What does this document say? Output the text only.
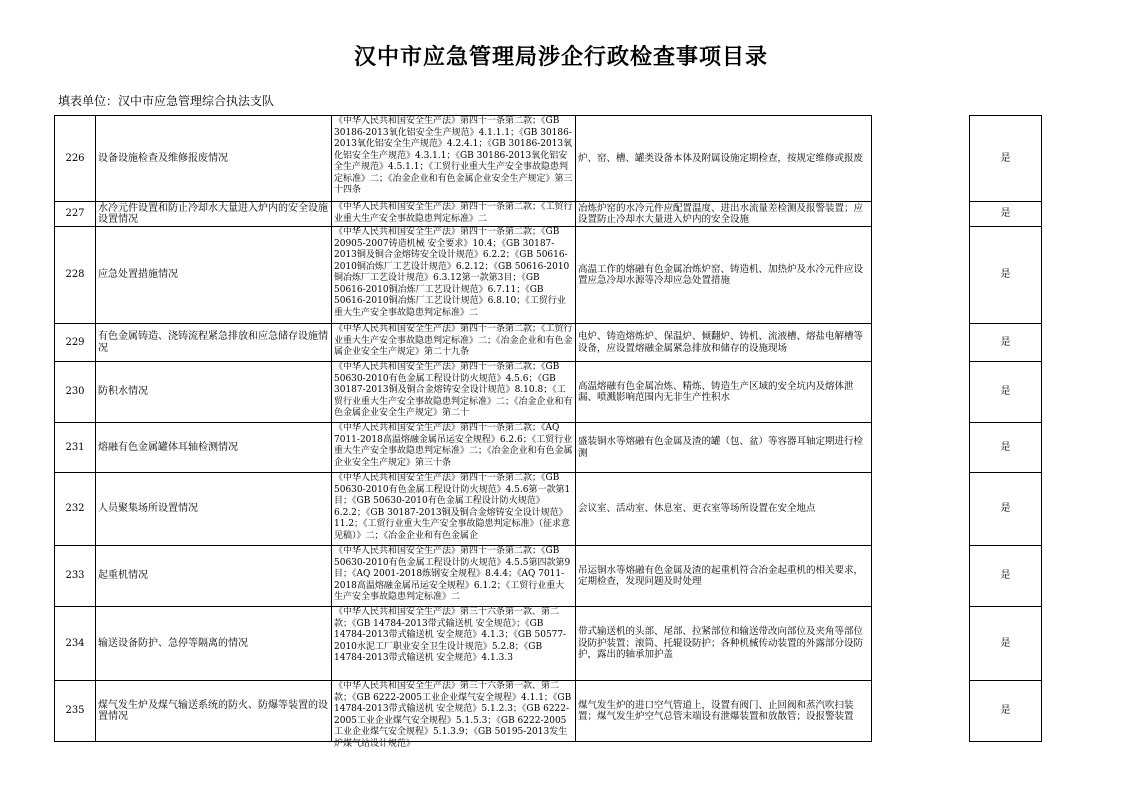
汉中市应急管理局涉企行政检查事项目录
填表单位：汉中市应急管理综合执法支队
226	设备设施检查及维修报废情况	《中华人民共和国安全生产法》第四十一条第二款；《GB 30186-2013氧化铝安全生产规范》4.1.1.1；《GB 30186-2013氧化铝安全生产规范》4.2.4.1；《GB 30186-2013氧化铝安全生产规范》4.3.1.1；《GB 30186-2013氧化铝安全生产规范》4.5.1.1；《工贸行业重大生产安全事故隐患判定标准》二；《冶金企业和有色金属企业安全生产规定》第三十四条	炉、窑、槽、罐类设备本体及附属设施定期检查，按规定维修或报废		是
227	水冷元件设置和防止冷却水大量进入炉内的安全设施设置情况	《中华人民共和国安全生产法》第四十一条第二款；《工贸行业重大生产安全事故隐患判定标准》二	冶炼炉窑的水冷元件应配置温度、进出水流量差检测及报警装置；应设置防止冷却水大量进入炉内的安全设施		是
228	应急处置措施情况	《中华人民共和国安全生产法》第四十一条第二款；《GB 20905-2007铸造机械 安全要求》10.4；《GB 30187-2013铜及铜合金熔铸安全设计规范》6.2.2；《GB 50616-2010铜冶炼厂工艺设计规范》6.2.12；《GB 50616-2010铜冶炼厂工艺设计规范》6.3.12第一款第3目；《GB 50616-2010铜冶炼厂工艺设计规范》6.7.11；《GB 50616-2010铜冶炼厂工艺设计规范》6.8.10；《工贸行业重大生产安全事故隐患判定标准》二	高温工作的熔融有色金属冶炼炉窑、铸造机、加热炉及水冷元件应设置应急冷却水源等冷却应急处置措施		是
229	有色金属铸造、浇铸流程紧急排放和应急储存设施情况	《中华人民共和国安全生产法》第四十一条第二款；《工贸行业重大生产安全事故隐患判定标准》二；《冶金企业和有色金属企业安全生产规定》第二十九条	电炉、铸造熔炼炉、保温炉、倾翻炉、铸机、流液槽、熔盐电解槽等设备，应设置熔融金属紧急排放和储存的设施现场		是
230	防积水情况	《中华人民共和国安全生产法》第四十一条第二款；《GB 50630-2010有色金属工程设计防火规范》4.5.6；《GB 30187-2013铜及铜合金熔铸安全设计规范》8.10.8；《工贸行业重大生产安全事故隐患判定标准》二；《冶金企业和有色金属企业安全生产规定》第二十	高温熔融有色金属冶炼、精炼、铸造生产区域的安全坑内及熔体泄漏、喷溅影响范围内无非生产性积水		是
231	熔融有色金属罐体耳轴检测情况	《中华人民共和国安全生产法》第四十一条第二款；《AQ 7011-2018高温熔融金属吊运安全规程》6.2.6；《工贸行业重大生产安全事故隐患判定标准》二；《冶金企业和有色金属企业安全生产规定》第三十条	盛装铜水等熔融有色金属及渣的罐（包、盆）等容器耳轴定期进行检测		是
232	人员聚集场所设置情况	《中华人民共和国安全生产法》第四十一条第二款；《GB 50630-2010有色金属工程设计防火规范》4.5.6第一款第1目；《GB 50630-2010有色金属工程设计防火规范》6.2.2；《GB 30187-2013铜及铜合金熔铸安全设计规范》11.2；《工贸行业重大生产安全事故隐患判定标准》（征求意见稿）》二；《冶金企业和有色金属企	会议室、活动室、休息室、更衣室等场所设置在安全地点		是
233	起重机情况	《中华人民共和国安全生产法》第四十一条第二款；《GB 50630-2010有色金属工程设计防火规范》4.5.5第四款第9目；《AQ 2001-2018炼钢安全规程》8.4.4；《AQ 7011-2018高温熔融金属吊运安全规程》6.1.2；《工贸行业重大生产安全事故隐患判定标准》二	吊运铜水等熔融有色金属及渣的起重机符合冶金起重机的相关要求，定期检查，发现问题及时处理		是
234	输送设备防护、急停等隔离的情况	《中华人民共和国安全生产法》第三十六条第一款、第二款；《GB 14784-2013带式输送机 安全规范》；《GB 14784-2013带式输送机 安全规范》4.1.3；《GB 50577-2010水泥工厂职业安全卫生设计规范》5.2.8；《GB 14784-2013带式输送机 安全规范》4.1.3.3	带式输送机的头部、尾部、拉紧部位和输送带改向部位及夹角等部位设防护装置；滚筒、托辊设防护；各种机械传动装置的外露部分设防护，露出的轴承加护盖		是
235	煤气发生炉及煤气输送系统的防火、防爆等装置的设置情况	《中华人民共和国安全生产法》第三十六条第一款、第二款；《GB 6222-2005工业企业煤气安全规程》4.1.1；《GB 14784-2013带式输送机 安全规范》5.1.2.3；《GB 6222-2005工业企业煤气安全规程》5.1.5.3；《GB 6222-2005工业企业煤气安全规程》5.1.3.9；《GB 50195-2013发生炉煤气站设计规范》	煤气发生炉的进口空气管道上，设置有阀门、止回阀和蒸汽吹扫装置；煤气发生炉空气总管末端设有泄爆装置和放散管；设报警装置		是
